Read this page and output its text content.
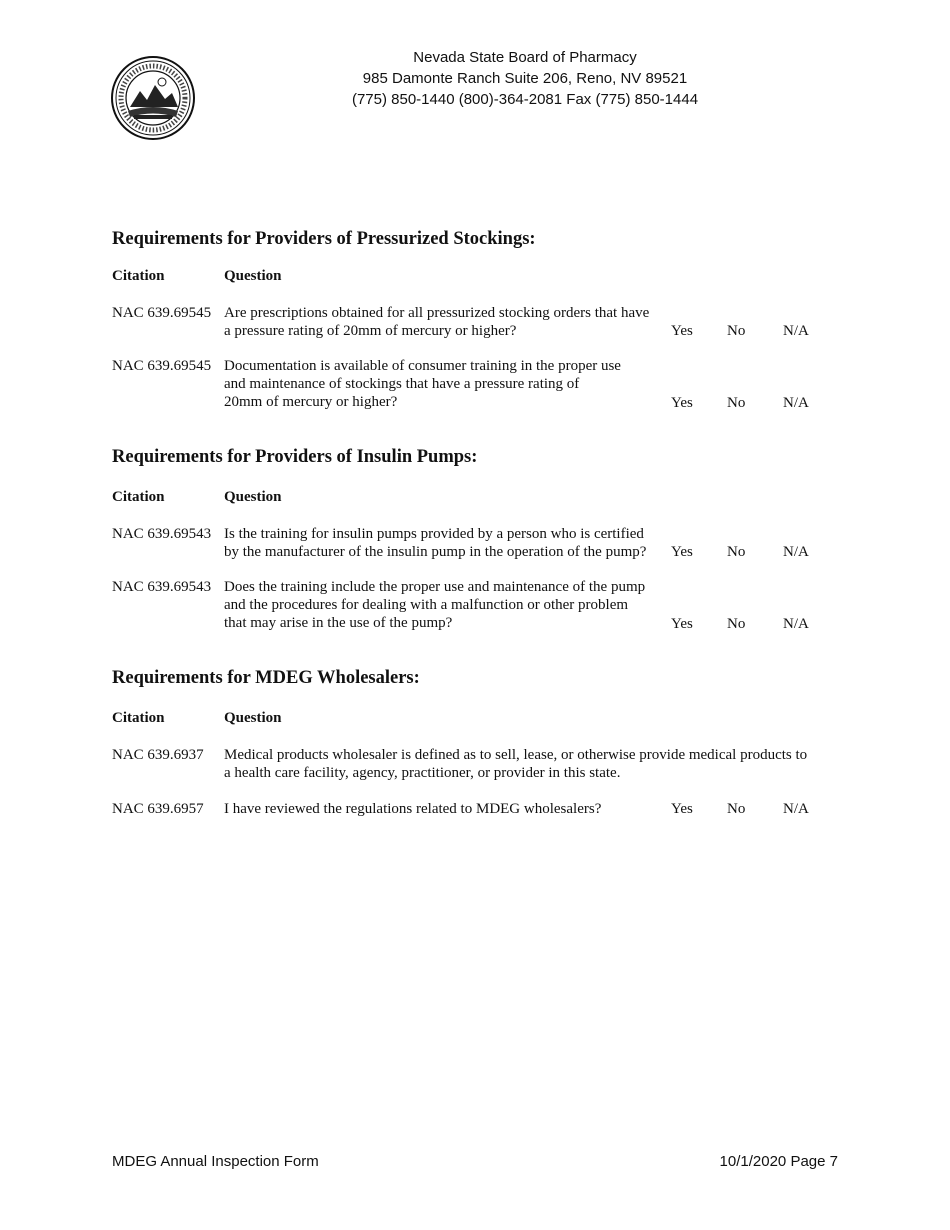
Nevada State Board of Pharmacy
985 Damonte Ranch Suite 206, Reno, NV 89521
(775) 850-1440 (800)-364-2081 Fax (775) 850-1444
Requirements for Providers of Pressurized Stockings:
Citation	Question
NAC 639.69545 Are prescriptions obtained for all pressurized stocking orders that have
a pressure rating of 20mm of mercury or higher?	Yes No	N/A
NAC 639.69545 Documentation is available of consumer training in the proper use
and maintenance of stockings that have a pressure rating of
20mm of mercury or higher?	Yes No	N/A
Requirements for Providers of Insulin Pumps:
Citation	Question
NAC 639.69543 Is the training for insulin pumps provided by a person who is certified
by the manufacturer of the insulin pump in the operation of the pump? Yes No	N/A
NAC 639.69543 Does the training include the proper use and maintenance of the pump
and the procedures for dealing with a malfunction or other problem
that may arise in the use of the pump?	Yes No	N/A
Requirements for MDEG Wholesalers:
Citation	Question
NAC 639.6937 Medical products wholesaler is defined as to sell, lease, or otherwise provide medical products to
a health care facility, agency, practitioner, or provider in this state.
NAC 639.6957 I have reviewed the regulations related to MDEG wholesalers?	Yes No	N/A
MDEG Annual Inspection Form	10/1/2020 Page 7
